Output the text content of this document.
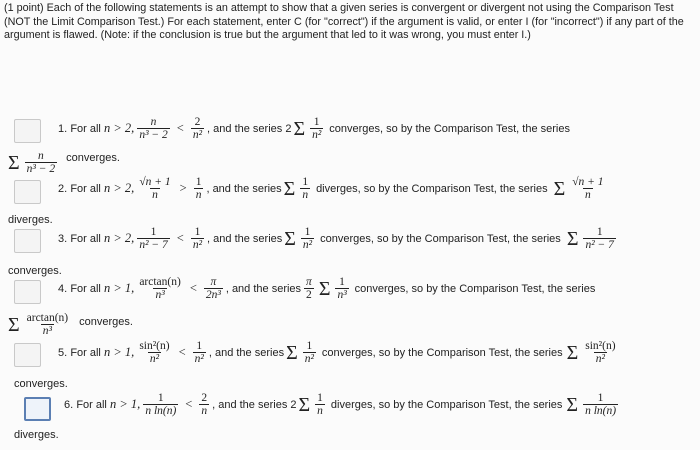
(1 point) Each of the following statements is an attempt to show that a given series is convergent or divergent not using the Comparison Test (NOT the Limit Comparison Test.) For each statement, enter C (for "correct") if the argument is valid, or enter I (for "incorrect") if any part of the argument is flawed. (Note: if the conclusion is true but the argument that led to it was wrong, you must enter I.)
1.
For all
n > 2, $\frac{n}{\text{n³ − 2}} < \frac{2}{\text{n²}}$ , and the series 2 Σ $\frac{1}{\text{n²}}$ converges, so by the Comparison Test, the series
Σ $\frac{n}{\text{n³ − 2}}$ converges.
2.
For all
n > 2, $\frac{√n + 1}{n} > \frac{1}{n}$ , and the series Σ $\frac{1}{n}$ diverges, so by the Comparison Test, the series Σ $\frac{√n + 1}{n}$
diverges.
3.
For all
n > 2, $\frac{1}{\text{n² − 7}} < \frac{1}{\text{n²}}$ , and the series Σ $\frac{1}{\text{n²}}$ converges, so by the Comparison Test, the series Σ $\frac{1}{\text{n² − 7}}$
converges.
4.
For all
n > 1, $\frac{\arctan(n)}{\text{n³}} < \frac{\pi}{\text{2n³}}$ , and the series $\frac{\pi}{2}$ Σ $\frac{1}{\text{n³}}$ converges, so by the Comparison Test, the series
Σ $\frac{\arctan(n)}{\text{n³}}$ converges.
5.
For all
n > 1, $\frac{\text{sin²(n)}}{\text{n²}} < \frac{1}{\text{n²}}$ , and the series Σ $\frac{1}{\text{n²}}$ converges, so by the Comparison Test, the series Σ $\frac{\text{sin²(n)}}{\text{n²}}$
converges.
6.
For all
n > 1, $\frac{1}{\text{n ln(n)}} < \frac{2}{n}$ , and the series 2 Σ $\frac{1}{n}$ diverges, so by the Comparison Test, the series Σ $\frac{1}{\text{n ln(n)}}$
diverges.
